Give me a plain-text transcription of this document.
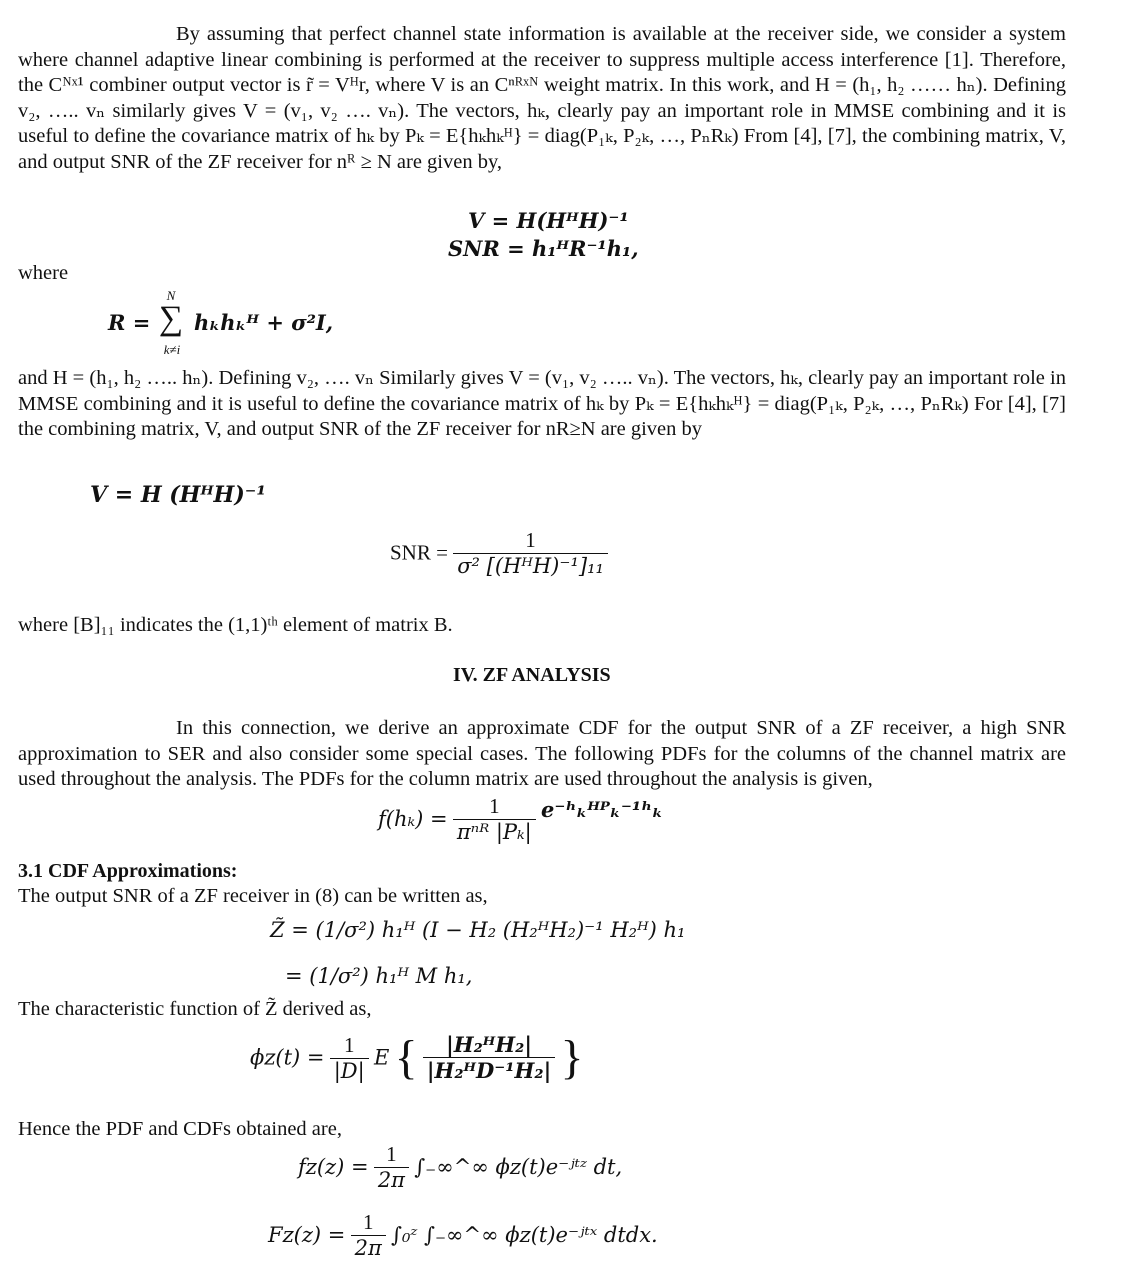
By assuming that perfect channel state information is available at the receiver side, we consider a system where channel adaptive linear combining is performed at the receiver to suppress multiple access interference [1]. Therefore, the Cᴺˣ¹ combiner output vector is r̃ = Vᴴr, where V is an Cⁿᴿˣᴺ weight matrix. In this work, and H = (h₁, h₂ …… hₙ). Defining v₂, ….. vₙ similarly gives V = (v₁, v₂ …. vₙ). The vectors, hₖ, clearly pay an important role in MMSE combining and it is useful to define the covariance matrix of hₖ by Pₖ = E{hₖhₖᴴ} = diag(P₁ₖ, P₂ₖ, …, PₙRₖ) From [4], [7], the combining matrix, V, and output SNR of the ZF receiver for nᴿ ≥ N are given by,
V = H(HᴴH)⁻¹
SNR = h₁ᴴR⁻¹h₁,
where
R =
N
∑
k≠i
hₖhₖᴴ + σ²I,
and H = (h₁, h₂ ….. hₙ). Defining v₂, …. vₙ Similarly gives V = (v₁, v₂ ….. vₙ). The vectors, hₖ, clearly pay an important role in MMSE combining and it is useful to define the covariance matrix of hₖ by Pₖ = E{hₖhₖᴴ} = diag(P₁ₖ, P₂ₖ, …, PₙRₖ) For [4], [7] the combining matrix, V, and output SNR of the ZF receiver for nR≥N are given by
V = H (HᴴH)⁻¹
SNR = $\frac{1}{\text{σ² [(HᴴH)⁻¹]₁₁}}$
where [B]₁₁ indicates the (1,1)ᵗʰ element of matrix B.
IV. ZF ANALYSIS
In this connection, we derive an approximate CDF for the output SNR of a ZF receiver, a high SNR approximation to SER and also consider some special cases. The following PDFs for the columns of the channel matrix are used throughout the analysis. The PDFs for the column matrix are used throughout the analysis is given,
$f(h_k) = \frac{1}{\text{πⁿᴿ |Pₖ|}}$ e⁻ʰₖᴴᴾₖ⁻¹ʰₖ
3.1 CDF Approximations:
The output SNR of a ZF receiver in (8) can be written as,
Z̃ = (1/σ²) h₁ᴴ (I − H₂ (H₂ᴴH₂)⁻¹ H₂ᴴ) h₁
= (1/σ²) h₁ᴴ M h₁,
The characteristic function of Z̃ derived as,
ϕᴢ(t) = $\frac{1}{|D|}$ E { $\frac{\text{|H₂ᴴH₂|}}{\text{|H₂ᴴD⁻¹H₂|}}$ }
Hence the PDF and CDFs obtained are,
fᴢ(z) = $\frac{1}{2\pi}$ ∫₋∞^∞ ϕᴢ(t)e⁻ʲᵗᶻ dt,
Fᴢ(z) = $\frac{1}{2\pi}$ ∫₀ᶻ ∫₋∞^∞ ϕᴢ(t)e⁻ʲᵗˣ dtdx.
